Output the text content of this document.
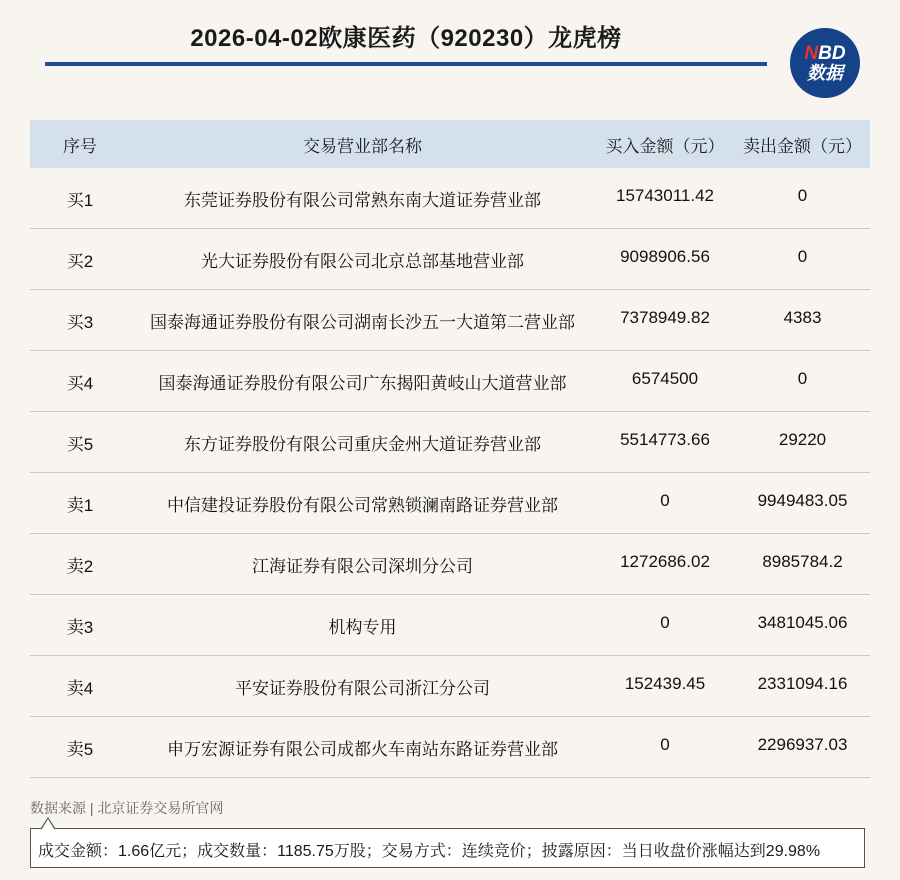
2026-04-02欧康医药（920230）龙虎榜
NBD
数据
序号	交易营业部名称	买入金额（元）	卖出金额（元）
买1	东莞证券股份有限公司常熟东南大道证券营业部	15743011.42	0
买2	光大证券股份有限公司北京总部基地营业部	9098906.56	0
买3	国泰海通证券股份有限公司湖南长沙五一大道第二营业部	7378949.82	4383
买4	国泰海通证券股份有限公司广东揭阳黄岐山大道营业部	6574500	0
买5	东方证券股份有限公司重庆金州大道证券营业部	5514773.66	29220
卖1	中信建投证券股份有限公司常熟锁澜南路证券营业部	0	9949483.05
卖2	江海证券有限公司深圳分公司	1272686.02	8985784.2
卖3	机构专用	0	3481045.06
卖4	平安证券股份有限公司浙江分公司	152439.45	2331094.16
卖5	申万宏源证券有限公司成都火车南站东路证券营业部	0	2296937.03
数据来源 | 北京证券交易所官网
成交金额：1.66亿元；成交数量：1185.75万股；交易方式：连续竞价；披露原因：当日收盘价涨幅达到29.98%
